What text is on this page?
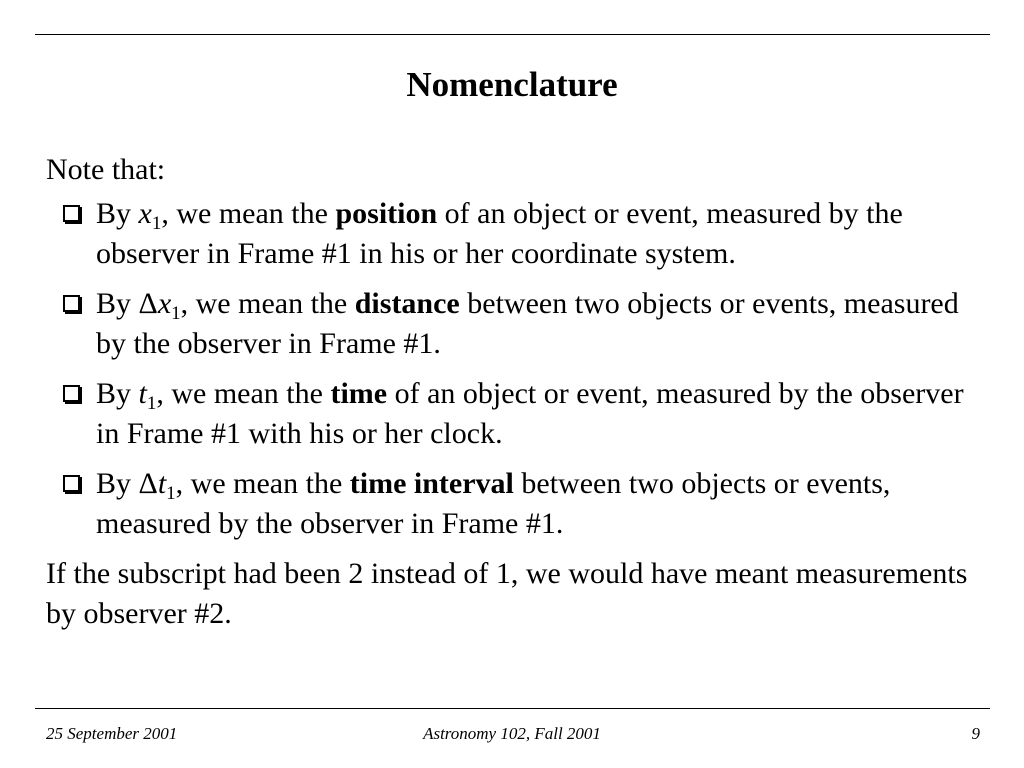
Nomenclature

Note that:

By $x_1$, we mean the position of an object or event, measured by the observer in Frame #1 in his or her coordinate system.
By $\Delta x_1$, we mean the distance between two objects or events, measured by the observer in Frame #1.
By $t_1$, we mean the time of an object or event, measured by the observer in Frame #1 with his or her clock.
By $\Delta t_1$, we mean the time interval between two objects or events, measured by the observer in Frame #1.

If the subscript had been 2 instead of 1, we would have meant measurements by observer #2.

25 September 2001	Astronomy 102, Fall 2001	9
